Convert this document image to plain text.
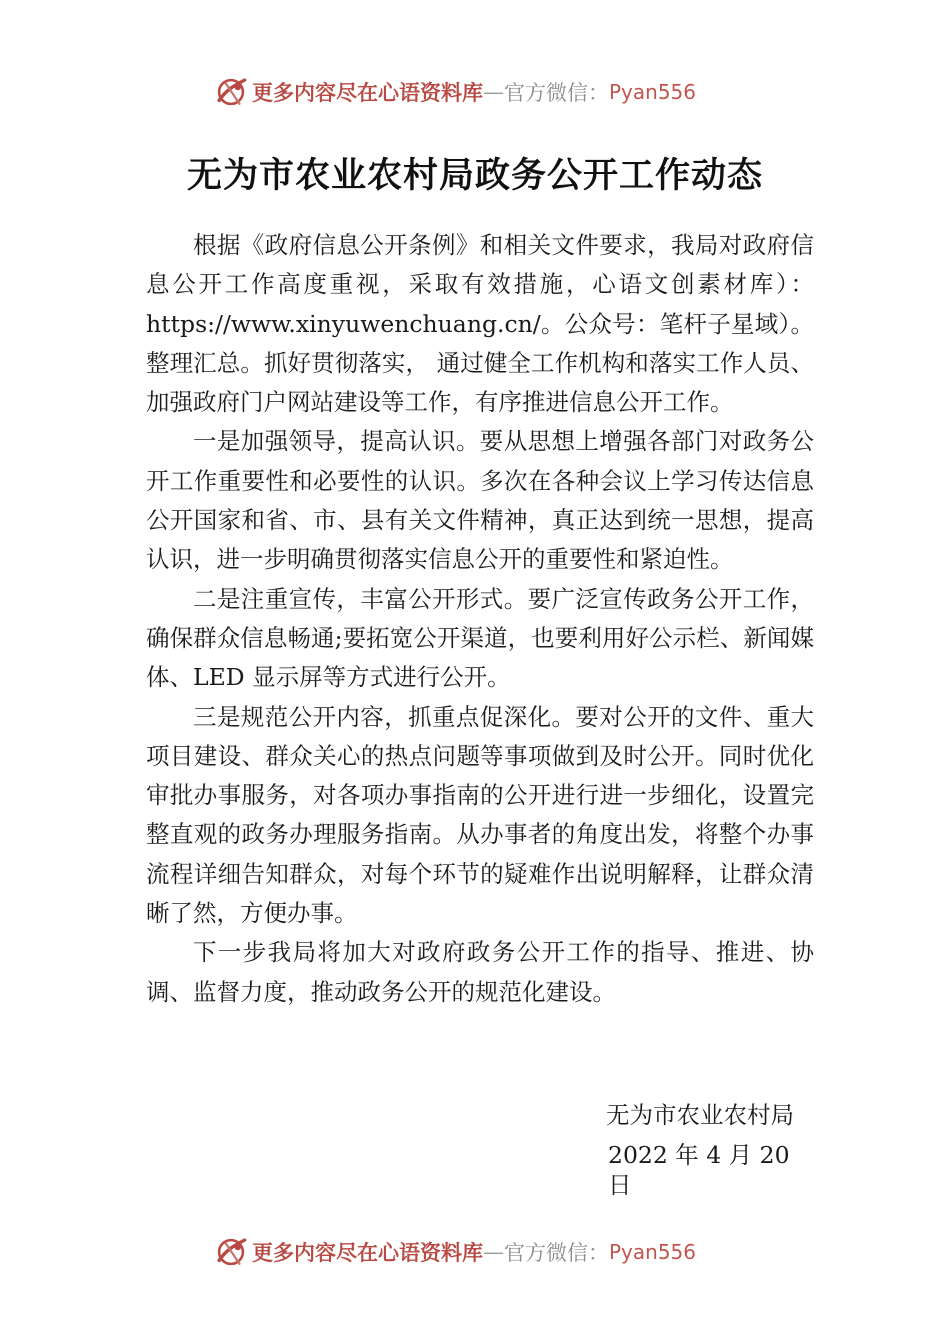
更多内容尽在心语资料库 — 官方微信： Pyan556
无为市农业农村局政务公开工作动态

根据《政府信息公开条例》和相关文件要求，我局对政府信息公开工作高度重视，采取有效措施，心语文创素材库）：https://www.xinyuwenchuang.cn/。公众号：笔杆子星域）。整理汇总。抓好贯彻落实， 通过健全工作机构和落实工作人员、加强政府门户网站建设等工作，有序推进信息公开工作。

一是加强领导，提高认识。要从思想上增强各部门对政务公开工作重要性和必要性的认识。多次在各种会议上学习传达信息公开国家和省、市、县有关文件精神，真正达到统一思想，提高认识，进一步明确贯彻落实信息公开的重要性和紧迫性。

二是注重宣传，丰富公开形式。要广泛宣传政务公开工作，确保群众信息畅通;要拓宽公开渠道，也要利用好公示栏、新闻媒体、LED 显示屏等方式进行公开。

三是规范公开内容，抓重点促深化。要对公开的文件、重大项目建设、群众关心的热点问题等事项做到及时公开。同时优化审批办事服务，对各项办事指南的公开进行进一步细化，设置完整直观的政务办理服务指南。从办事者的角度出发，将整个办事流程详细告知群众，对每个环节的疑难作出说明解释，让群众清晰了然，方便办事。

下一步我局将加大对政府政务公开工作的指导、推进、协调、监督力度，推动政务公开的规范化建设。

无为市农业农村局
2022 年 4 月 20 日
更多内容尽在心语资料库 — 官方微信： Pyan556
